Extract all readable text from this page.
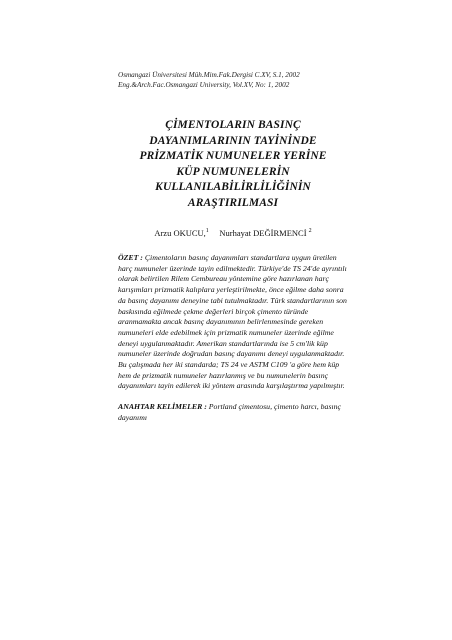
Osmangazi Üniversitesi Müh.Mim.Fak.Dergisi C.XV, S.1, 2002
Eng.&Arch.Fac.Osmangazi University, Vol.XV, No: 1, 2002
ÇİMENTOLARIN BASINÇ
DAYANIMLARININ TAYİNİNDE
PRİZMATİK NUMUNELER YERİNE
KÜP NUMUNELERİN
KULLANILABİLİRLİLİĞİNİN
ARAŞTIRILMASI
Arzu OKUCU,$^1$ Nurhayat DEĞİRMENCİ $^2$
ÖZET : Çimentoların basınç dayanımları standartlara uygun üretilen harç numuneler üzerinde tayin edilmektedir. Türkiye'de TS 24'de ayrıntılı olarak belirtilen Rilem Cembureau yöntemine göre hazırlanan harç karışımları prizmatik kalıplara yerleştirilmekte, önce eğilme daha sonra da basınç dayanımı deneyine tabi tutulmaktadır. Türk standartlarının son baskısında eğilmede çekme değerleri birçok çimento türünde aranmamakta ancak basınç dayanımının belirlenmesinde gereken numuneleri elde edebilmek için prizmatik numuneler üzerinde eğilme deneyi uygulanmaktadır. Amerikan standartlarında ise 5 cm'lik küp numuneler üzerinde doğrudan basınç dayanımı deneyi uygulanmaktadır. Bu çalışmada her iki standarda; TS 24 ve ASTM C109 'a göre hem küp hem de prizmatik numuneler hazırlanmış ve bu numunelerin basınç dayanımları tayin edilerek iki yöntem arasında karşılaştırma yapılmıştır.
ANAHTAR KELİMELER : Portland çimentosu, çimento harcı, basınç dayanımı
